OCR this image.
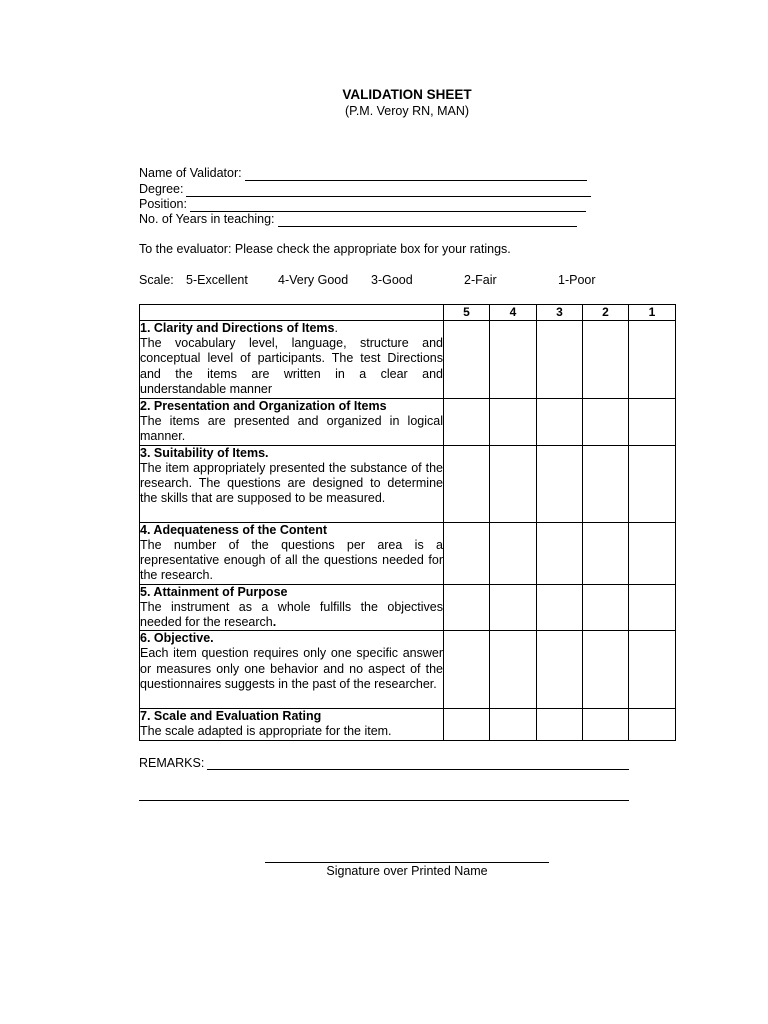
VALIDATION SHEET
(P.M. Veroy RN, MAN)
Name of Validator:
Degree:
Position:
No. of Years in teaching:
To the evaluator: Please check the appropriate box for your ratings.
Scale: 5-Excellent 4-Very Good 3-Good	2-Fair	1-Poor
	5	4	3	2	1

1. Clarity and Directions of Items.
The vocabulary level, language, structure and conceptual level of participants. The test Directions and the items are written in a clear and understandable manner					

2. Presentation and Organization of Items
The items are presented and organized in logical manner.					

3. Suitability of Items.
The item appropriately presented the substance of the research. The questions are designed to determine the skills that are supposed to be measured.					

4. Adequateness of the Content
The number of the questions per area is a representative enough of all the questions needed for the research.					

5. Attainment of Purpose
The instrument as a whole fulfills the objectives needed for the research.					

6. Objective.
Each item question requires only one specific answer or measures only one behavior and no aspect of the questionnaires suggests in the past of the researcher.					

7. Scale and Evaluation Rating
The scale adapted is appropriate for the item.					

REMARKS:
Signature over Printed Name
